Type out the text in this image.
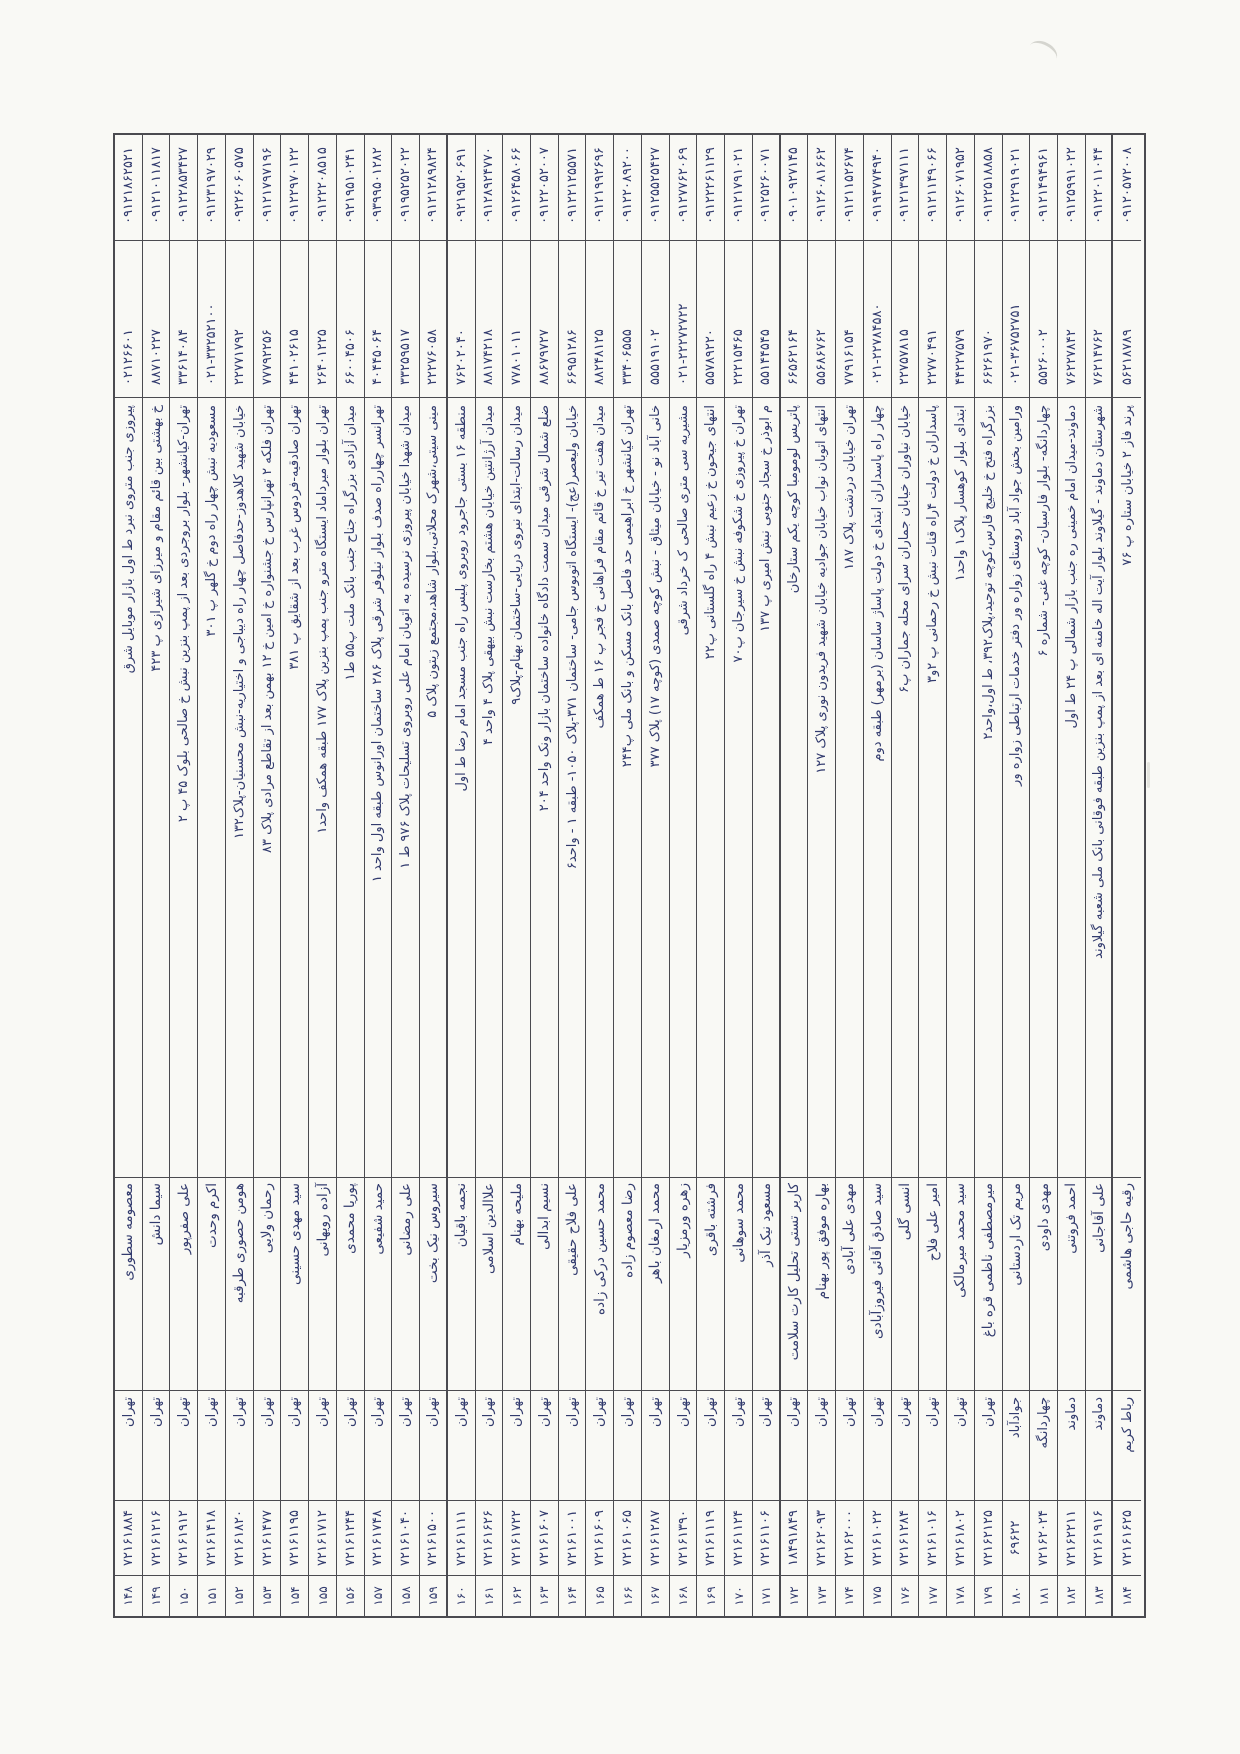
۱۴۸
۷۲۱۶۱۸۸۴
تهران
معصومه سطوری
پیروزی جنب متروی نبرد ط اول بازار موبایل شرق
۰۲۱۲۶۶۰۱
۰۹۱۲۱۸۶۲۵۲۱
۱۴۹
۷۲۱۶۱۲۱۶
تهران
سیما دانش
خ بهشتی بین قائم مقام و میرزای شیرازی پ ۴۲۳
۸۸۷۱۰۲۲۷
۰۹۱۲۱۰۱۱۸۱۷
۱۵۰
۷۲۱۶۱۹۱۲
تهران
علی صفرپور
تهران-کیانشهر- بلوار بروجردی بعد از پمپ بنزین نبش خ صالحی بلوک ۴۵ پ ۲
۳۳۶۱۴۰۸۴
۰۹۱۲۲۸۵۳۴۲۷
۱۵۱
۷۲۱۶۱۴۱۸
تهران
اکرم وحدت
مسعودیه نبش چهار راه دوم خ گلهر پ ۳۰۱
۰۲۱-۳۳۲۵۲۱۰۰
۰۹۱۲۳۱۹۷۰۲۹
۱۵۲
۷۲۱۶۱۸۲۰
تهران
هومن حصوری طرقبه
خیابان شهید کلاهدوز-حدفاصل چهار راه دیباجی و اختیاریه-نبش محسنیان-پلاک۱۳۲
۲۲۷۷۱۷۹۲
۰۹۲۲۶۰۶۰۵۷۵
۱۵۳
۷۲۱۶۱۴۷۷
تهران
رحمان ولایی
تهران فلکه ۲ تهرانپارس خ جشنواره خ امین خ ۱۲ بهمن بعد از تقاطع مرادی پلاک ۸۳
۷۷۷۹۲۲۵۶
۰۹۱۲۱۷۹۷۱۹۶
۱۵۴
۷۲۱۶۱۱۹۵
تهران
سید مهدی حسینی
تهران صادقیه-فردوس غرب بعد از شقایق پ ۳۸۱
۴۴۱۰۲۶۱۵
۰۹۱۲۲۹۷۰۱۲۲
۱۵۵
۷۲۱۶۱۷۱۲
تهران
آزاده رویهانی
تهران بلوار میرداماد ایستگاه مترو جنب پمپ بنزین پلاک ۱۷۷ طبقه همکف واحد۱
۲۶۴۰۱۲۲۵
۰۹۱۲۲۲۰۸۵۱۵
۱۵۶
۷۲۱۶۱۲۴۴
تهران
پوریا محمدی
میدان آزادی بزرگراه جناح جنب بانک ملت پ۵۵ ط۱
۶۶۰۰۴۵۰۶
۰۹۲۱۹۵۱۰۲۴۱
۱۵۷
۷۲۱۶۱۷۴۸
تهران
حمید شفیعی
تهرانسر چهارراه صدف بلوار نیلوفر شرقی پلاک ۲۸۶ ساختمان اورانوس طبقه اول واحد ۱
۴۰۴۴۵۰۶۴
۰۹۳۹۹۵۰۱۲۸۲
۱۵۸
۷۲۱۶۱۰۴۰
تهران
علی رمضانی
میدان شهدا خیابان پیروزی نرسیده به اتوبان امام علی روبروی تسلیحات پلاک ۹۷۶ ط ۱
۳۳۲۵۹۵۱۷
۰۹۱۹۵۲۵۲۰۲۲
۱۵۹
۷۲۱۶۱۵۰۰
تهران
سیروس نیک بخت
مینی سیتی،شهرک محلاتی،بلوار شاهد،مجتمع زیتون پلاک ۵
۲۲۲۷۶۰۵۸
۰۹۱۲۱۲۸۹۸۲۴
۱۶۰
۷۲۱۶۱۱۱۱
تهران
نجمه باقیان
منطقه ۱۶ بستی جاجرود روبروی پلیس راه جنب مسجد امام رضا ط اول
۷۶۲۰۲۰۴۰
۰۹۲۱۹۵۲۰۶۹۱
۱۶۱
۷۲۱۶۱۶۲۶
تهران
علاالدین اسلامی
میدان آرژانتین خیابان هشتم بخارست نبش بیهقی پلاک ۴ واحد ۴
۸۸۱۷۴۲۱۸
۰۹۱۲۸۹۲۴۷۷۰
۱۶۲
۷۲۱۶۱۷۲۲
تهران
ملیحه بهنام
میدان رسالت-ابتدای نیروی دریایی-ساختمان بهنام-پلاک۹
۷۷۸۰۱۰۱۱
۰۹۱۲۶۴۵۸۰۶۶
۱۶۳
۷۲۱۶۱۶۰۷
تهران
نسیم ابدالی
ضلع شمال شرقی میدان سمت دادگاه خانواده ساختمان بازار ونک واحد ۲۰۴
۸۸۶۷۹۷۲۷
۰۹۱۲۲۰۵۲۰۰۷
۱۶۴
۷۲۱۶۱۰۰۱
تهران
علی فلاح حقیقی
خیابان ولیعصر(عج)- ایستگاه اتوبوس جامی- ساختمان ۳۷۱-پلاک ۱۰۵۰- طبقه ۱ - واحد۶
۶۶۹۵۱۲۸۶
۰۹۱۲۲۱۲۵۵۷۱
۱۶۵
۷۲۱۶۱۶۰۹
تهران
محمد حسین درکی زاده
میدان هفت تیر خ قائم مقام فراهانی خ فجر پ ۱۶ ط همکف
۸۸۲۴۸۱۲۵
۰۹۱۲۱۹۹۲۶۹۶
۱۶۶
۷۲۱۶۱۰۶۵
تهران
رضا معصوم زاده
تهران کیانشهر خ ابراهیمی حد فاصل بانک مسکن و بانک ملی پ۲۴۴
۳۳۴۰۶۵۵۵
۰۹۱۲۲۰۸۹۲۰۰
۱۶۷
۷۲۱۶۱۲۸۷
تهران
محمد ارمغان باهر
خانی آباد نو - خیابان میثاق - نبش کوچه صمدی (کوچه ۱۷) پلاک ۳۷۷
۵۵۵۱۹۱۰۲
۰۹۱۲۵۵۲۵۴۲۷
۱۶۸
۷۲۱۶۱۳۹۰
تهران
زهره ورمزیار
مشیریه سی متری صالحی ک خرداد شرقی
۰۲۱-۲۲۲۷۲۷۲۲
۰۹۱۲۷۷۶۲۰۶۹
۱۶۹
۷۲۱۶۱۱۱۹
تهران
فرشته باقری
انتهای جیحون خ زعیم نبش ۴ راه گلستانی پ۲۲
۵۵۷۸۹۲۲۰
۰۹۱۲۲۲۶۱۱۲۹
۱۷۰
۷۲۱۶۱۱۲۴
تهران
محمد سوهانی
تهران خ پیروزی خ شکوفه نبش خ سیرجان پ۷۰
۲۲۲۱۵۴۶۵
۰۹۱۲۱۷۹۱۰۲۱
۱۷۱
۷۲۱۶۱۱۰۶
تهران
مسعود نیک آذر
م ابوذر خ سجاد جنوبی نبش امیری پ ۱۳۷
۵۵۱۴۴۵۴۵
۰۹۱۲۵۲۶۰۰۷۱
۱۷۲
۱۸۴۹۱۸۴۹
تهران
کاربر تستی تحلیل کارت سلامت
پاتریس لومومبا کوچه یکم ستارخان
۶۶۵۶۲۱۶۴
۰۹۰۱۰۹۲۷۱۴۵
۱۷۳
۷۲۱۶۲۰۹۳
تهران
بهاره موفق پور بهنام
انتهای اتوبان نواب خیابان جوادیه خیابان شهید فریدون نوری پلاک ۱۲۷
۵۵۶۸۶۷۶۲
۰۹۱۲۶۰۸۱۶۶۲
۱۷۴
۷۲۱۶۲۰۰۰
تهران
مهدی علی آبادی
تهران خیابان دردشت پلاک ۱۸۷
۷۷۹۱۶۱۵۴
۰۹۱۲۱۱۵۲۶۷۴
۱۷۵
۷۲۱۶۱۰۲۲
تهران
سید صادق آقائی فیروزآبادی
چهار راه پاسداران ابتدای خ دولت پاساژ ساسان (برمهر) طبقه دوم
۰۲۱-۲۲۷۸۴۵۸۰
۰۹۱۹۴۷۷۴۹۴۰
۱۷۶
۷۲۱۶۱۲۸۴
تهران
انسی گلی
خیابان نیاوران خیابان جماران سرای محله جماران پ۶
۲۲۷۵۷۸۱۵
۰۹۱۲۱۳۹۷۱۱۱
۱۷۷
۷۲۱۶۱۰۱۶
تهران
امیر علی فلاح
پاسداران خ دولت ۴راه قنات نبش خ رحمانی پ ۲و۳
۲۲۷۷۰۴۹۱
۰۹۱۲۱۱۴۹۰۶۶
۱۷۸
۷۲۱۶۱۸۰۲
تهران
سید محمد میرمالکی
ابتدای بلوار کوهسار پلاک۱ واحد۱
۴۴۲۲۷۵۷۹
۰۹۱۲۶۰۷۱۹۵۲
۱۷۹
۷۲۱۶۲۱۲۵
تهران
میرمصطفی ناظمی قره باغ
بزرگراه فتح خ خلیج فارس،کوچه توحید،پلاک۳۹۲، ط اول،واحد۲
۶۶۲۶۱۹۷۰
۰۹۱۲۲۵۱۸۸۵۸
۱۸۰
۶۹۶۲۲
جوادآباد
مریم تک اردستانی
ورامین بخش جواد آباد روستای زواره ور دفتر خدمات ارتباطی زواره ور
۰۲۱-۳۶۷۵۲۷۵۱
۰۹۱۲۲۹۱۹۰۲۱
۱۸۱
۷۲۱۶۲۰۲۴
چهاردانگه
مهدی داودی
چهاردانگه- بلوار فارسیان- کوچه غنی- شماره ۶
۵۵۲۶۰۰۰۲
۰۹۱۲۱۴۹۴۹۶۱
۱۸۲
۷۲۱۶۲۲۱۱
دماوند
احمد فروتنی
دماوند-میدان امام خمینی ره جنب بازار شمالی پ ۲۴ ط اول
۷۶۲۲۷۸۴۲
۰۹۱۲۵۹۹۱۰۲۲
۱۸۳
۷۲۱۶۱۹۱۶
دماوند
علی آقاجانی
شهرستان دماوند - گیلاوند بلوار آیت اله خامنه ای بعد از پمپ بنزین طبقه فوقانی بانک ملی شعبه گیلاوند
۷۶۲۱۴۷۶۲
۰۹۱۲۲۰۱۱۰۴۴
۱۸۴
۷۲۱۶۱۶۲۵
رباط کریم
رقیه حاجی هاشمی
پرند فاز ۲ خیابان ستاره پ ۷۶
۵۶۲۱۸۷۸۹
۰۹۱۲۰۵۷۲۰۰۸
